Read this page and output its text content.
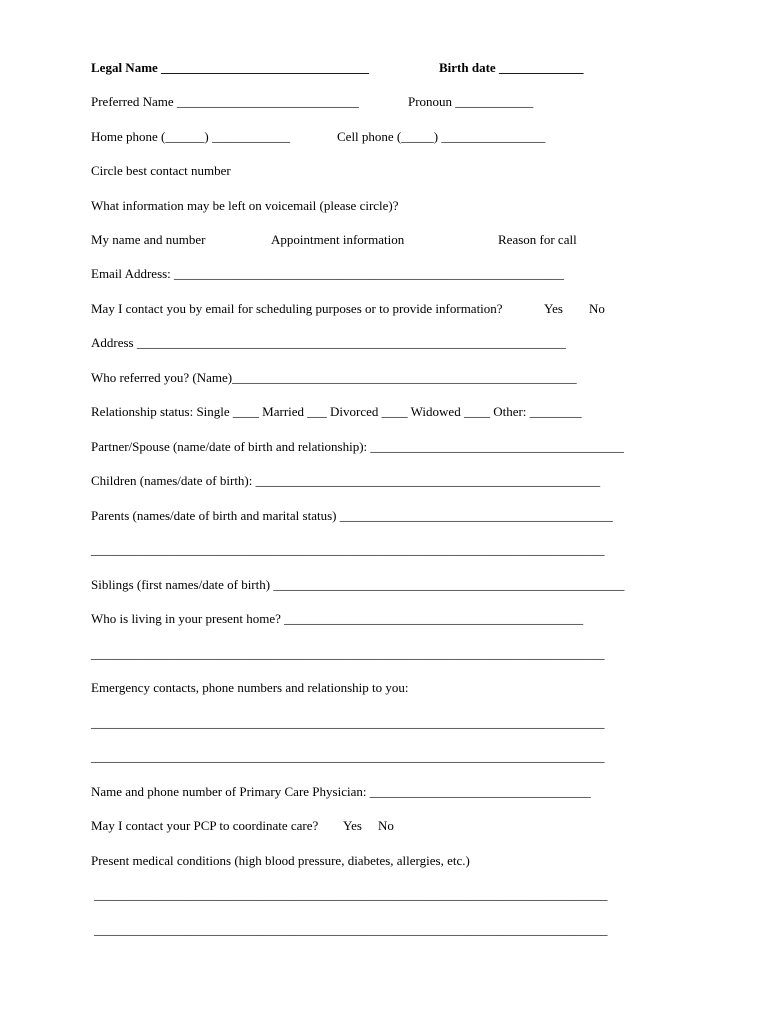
Legal Name ________________________________	Birth date _____________
Preferred Name ____________________________	Pronoun ____________
Home phone (______) ____________	Cell phone (_____) ________________
Circle best contact number
What information may be left on voicemail (please circle)?
My name and number	Appointment information	Reason for call
Email Address: ____________________________________________________________
May I contact you by email for scheduling purposes or to provide information?	Yes No
Address __________________________________________________________________
Who referred you? (Name)_____________________________________________________
Relationship status: Single ____ Married ___ Divorced ____ Widowed ____ Other: ________
Partner/Spouse (name/date of birth and relationship): _______________________________________
Children (names/date of birth): _____________________________________________________
Parents (names/date of birth and marital status) __________________________________________
_______________________________________________________________________________
Siblings (first names/date of birth) ______________________________________________________
Who is living in your present home? ______________________________________________
_______________________________________________________________________________
Emergency contacts, phone numbers and relationship to you:
_______________________________________________________________________________
_______________________________________________________________________________
Name and phone number of Primary Care Physician: __________________________________
May I contact your PCP to coordinate care? Yes No
Present medical conditions (high blood pressure, diabetes, allergies, etc.)
_______________________________________________________________________________
_______________________________________________________________________________
